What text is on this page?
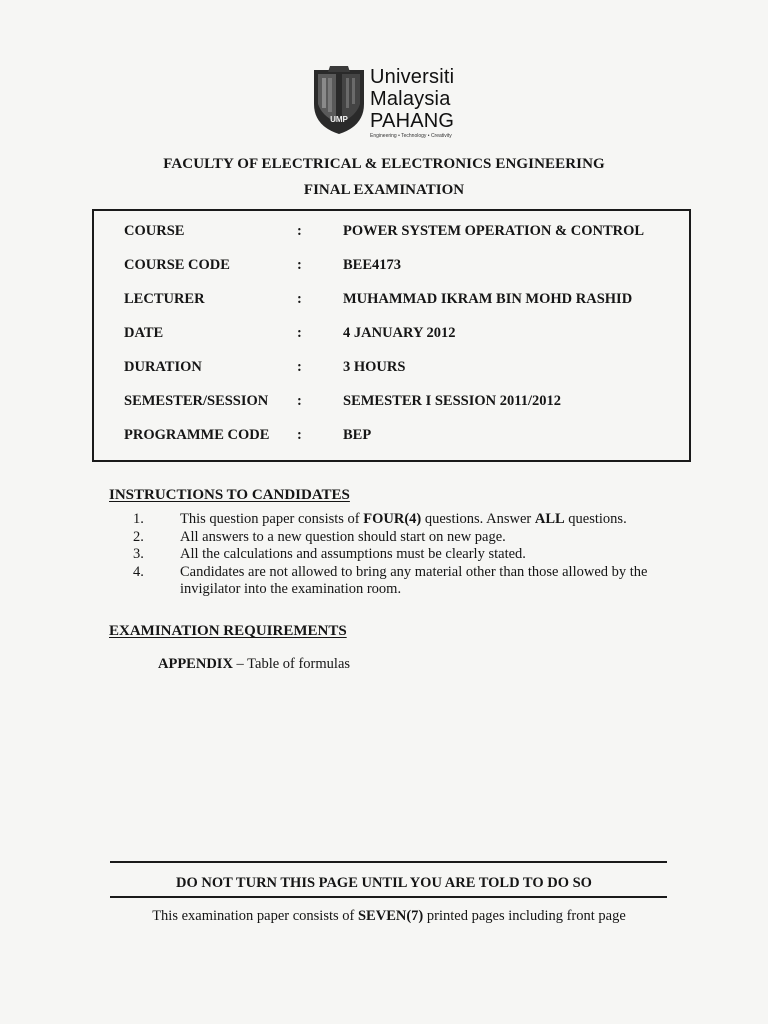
UMP
Universiti
Malaysia
PAHANG
Engineering • Technology • Creativity
FACULTY OF ELECTRICAL & ELECTRONICS ENGINEERING
FINAL EXAMINATION
COURSE	:	POWER SYSTEM OPERATION & CONTROL
COURSE CODE	:	BEE4173
LECTURER	:	MUHAMMAD IKRAM BIN MOHD RASHID
DATE	:	4 JANUARY 2012
DURATION	:	3 HOURS
SEMESTER/SESSION :	SEMESTER I SESSION 2011/2012
PROGRAMME CODE :	BEP
INSTRUCTIONS TO CANDIDATES
1. This question paper consists of FOUR(4) questions. Answer ALL questions.
2. All answers to a new question should start on new page.
3. All the calculations and assumptions must be clearly stated.
4. Candidates are not allowed to bring any material other than those allowed by the invigilator into the examination room.
EXAMINATION REQUIREMENTS
APPENDIX – Table of formulas
DO NOT TURN THIS PAGE UNTIL YOU ARE TOLD TO DO SO
This examination paper consists of SEVEN(7) printed pages including front page
